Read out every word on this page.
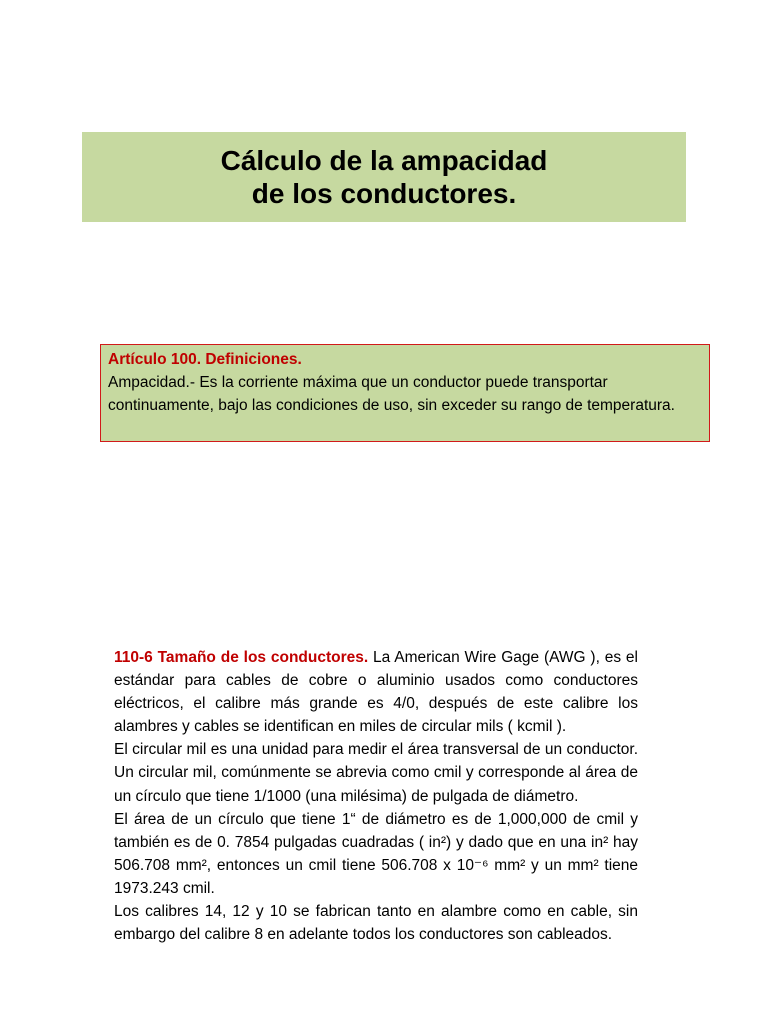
Cálculo de la ampacidad
de los conductores.
Artículo 100. Definiciones.
Ampacidad.- Es la corriente máxima que un conductor puede transportar continuamente, bajo las condiciones de uso, sin exceder su rango de temperatura.

110-6 Tamaño de los conductores. La American Wire Gage (AWG ), es el estándar para cables de cobre o aluminio usados como conductores eléctricos, el calibre más grande es 4/0, después de este calibre los alambres y cables se identifican en miles de circular mils ( kcmil ).

El circular mil es una unidad para medir el área transversal de un conductor. Un circular mil, comúnmente se abrevia como cmil y corresponde al área de un círculo que tiene 1/1000 (una milésima) de pulgada de diámetro.

El área de un círculo que tiene 1“ de diámetro es de 1,000,000 de cmil y también es de 0. 7854 pulgadas cuadradas ( in²) y dado que en una in² hay 506.708 mm², entonces un cmil tiene 506.708 x 10⁻⁶ mm² y un mm² tiene 1973.243 cmil.

Los calibres 14, 12 y 10 se fabrican tanto en alambre como en cable, sin embargo del calibre 8 en adelante todos los conductores son cableados.
